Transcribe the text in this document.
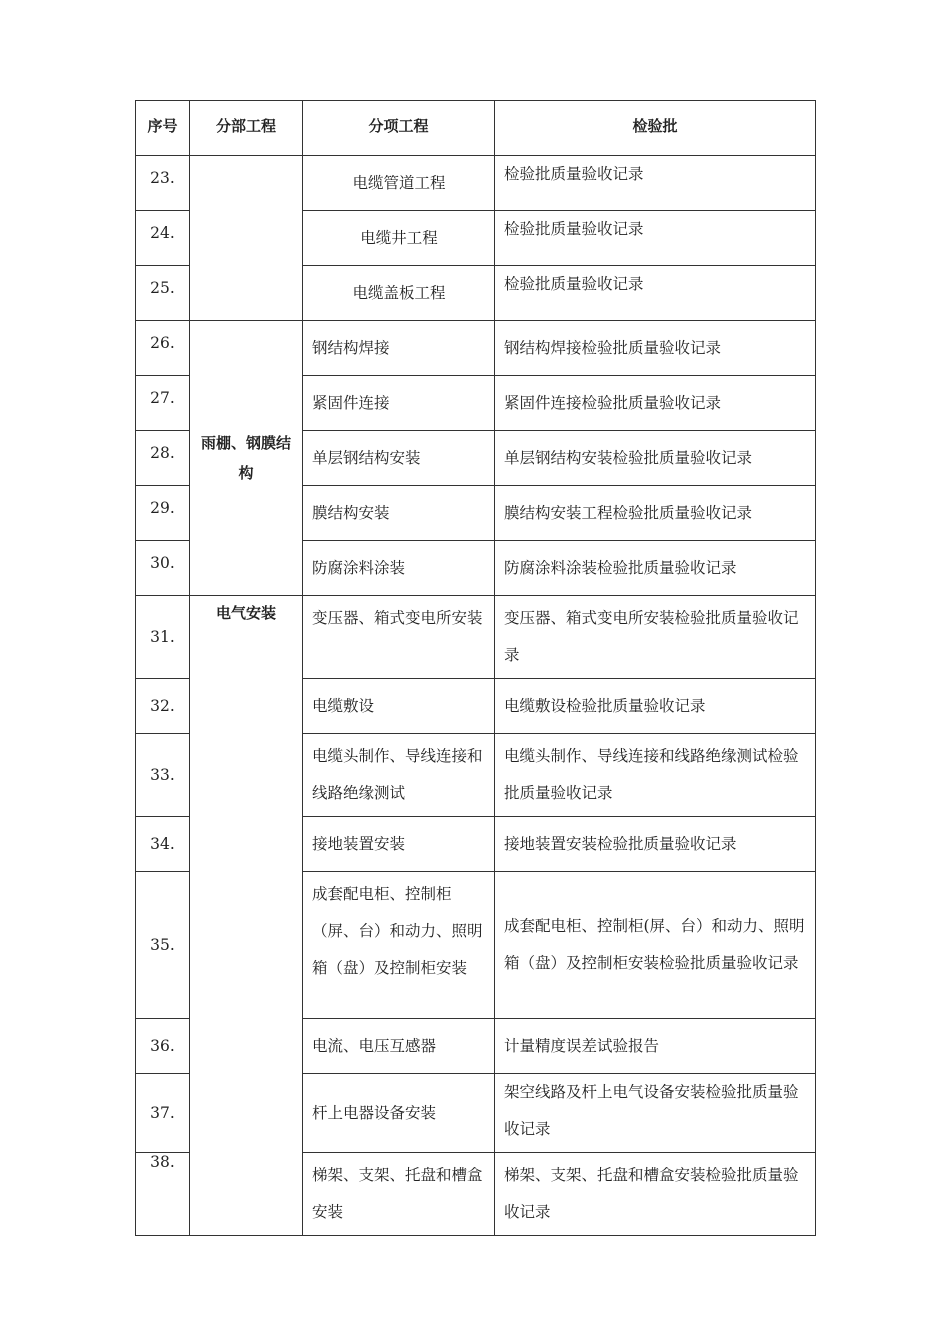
序号	分部工程	分项工程	检验批
23.		电缆管道工程	检验批质量验收记录
24.		电缆井工程	检验批质量验收记录
25.		电缆盖板工程	检验批质量验收记录
26.	雨棚、钢膜结构	钢结构焊接	钢结构焊接检验批质量验收记录
27.		紧固件连接	紧固件连接检验批质量验收记录
28.		单层钢结构安装	单层钢结构安装检验批质量验收记录
29.		膜结构安装	膜结构安装工程检验批质量验收记录
30.		防腐涂料涂装	防腐涂料涂装检验批质量验收记录
31.	电气安装	变压器、箱式变电所安装	变压器、箱式变电所安装检验批质量验收记录
32.		电缆敷设	电缆敷设检验批质量验收记录
33.		电缆头制作、导线连接和线路绝缘测试	电缆头制作、导线连接和线路绝缘测试检验批质量验收记录
34.		接地装置安装	接地装置安装检验批质量验收记录
35.		成套配电柜、控制柜（屏、台）和动力、照明箱（盘）及控制柜安装	成套配电柜、控制柜(屏、台）和动力、照明箱（盘）及控制柜安装检验批质量验收记录
36.		电流、电压互感器	计量精度误差试验报告
37.		杆上电器设备安装	架空线路及杆上电气设备安装检验批质量验收记录
38.		梯架、支架、托盘和槽盒安装	梯架、支架、托盘和槽盒安装检验批质量验收记录
